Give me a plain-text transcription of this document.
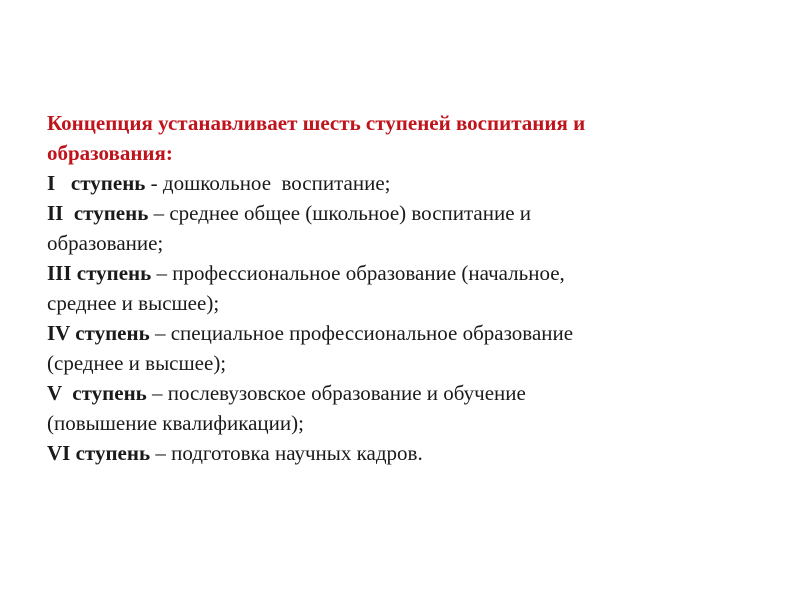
Концепция устанавливает шесть ступеней воспитания и
образования:

I   ступень - дошкольное  воспитание;
II  ступень – среднее общее (школьное) воспитание и
образование;
III ступень – профессиональное образование (начальное,
среднее и высшее);
IV ступень – специальное профессиональное образование
(среднее и высшее);
V  ступень – послевузовское образование и обучение
(повышение квалификации);
VI ступень – подготовка научных кадров.
